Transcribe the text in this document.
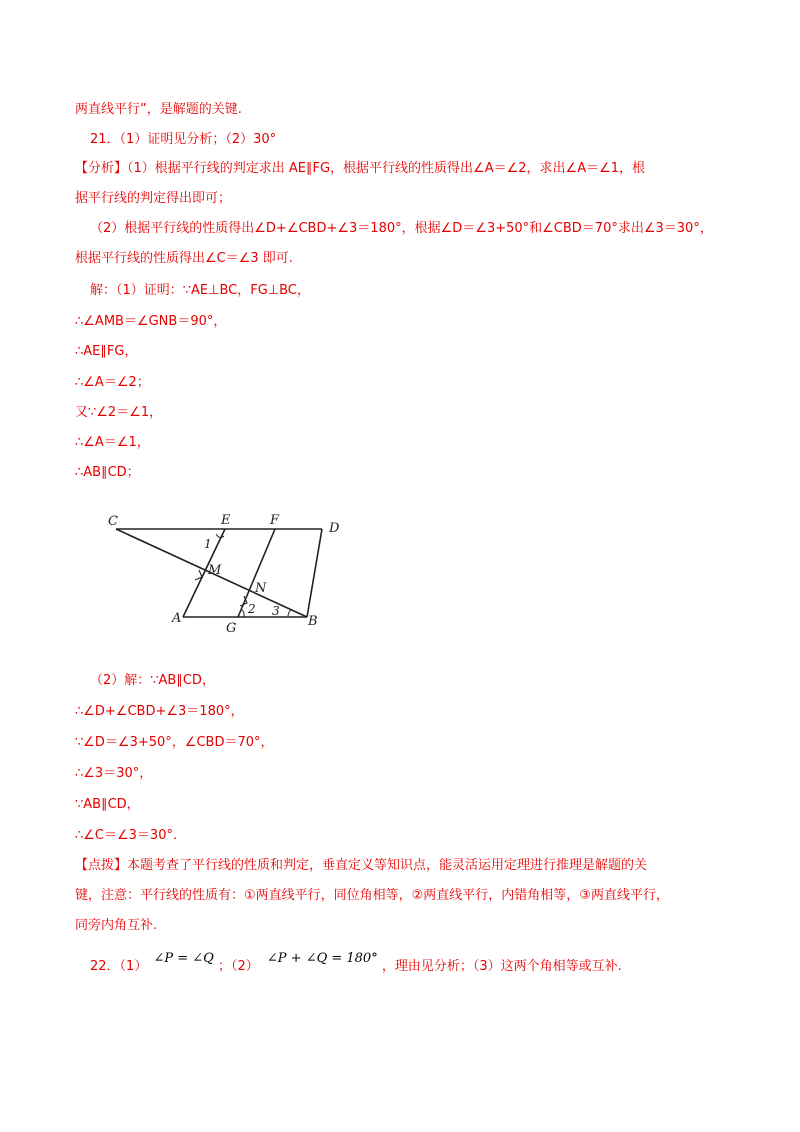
两直线平行”，是解题的关键.
21．（1）证明见分析；（2）30°
【分析】（1）根据平行线的判定求出 AE∥FG，根据平行线的性质得出∠A＝∠2，求出∠A＝∠1，根
据平行线的判定得出即可；
（2）根据平行线的性质得出∠D+∠CBD+∠3＝180°，根据∠D＝∠3+50°和∠CBD＝70°求出∠3＝30°，
根据平行线的性质得出∠C＝∠3 即可.
解：（1）证明：∵AE⊥BC，FG⊥BC，
∴∠AMB＝∠GNB＝90°，
∴AE∥FG，
∴∠A＝∠2；
又∵∠2＝∠1，
∴∠A＝∠1，
∴AB∥CD；
C	E	F
D
M
N
A
G	B
1
2 3
（2）解：∵AB∥CD，
∴∠D+∠CBD+∠3＝180°，
∵∠D＝∠3+50°，∠CBD＝70°，
∴∠3＝30°，
∵AB∥CD，
∴∠C＝∠3＝30°.
【点拨】本题考查了平行线的性质和判定，垂直定义等知识点，能灵活运用定理进行推理是解题的关
键，注意：平行线的性质有：①两直线平行，同位角相等，②两直线平行，内错角相等，③两直线平行，
同旁内角互补.
22．（1） ∠P = ∠Q ；（2） ∠P + ∠Q = 180° ，理由见分析；（3）这两个角相等或互补.
